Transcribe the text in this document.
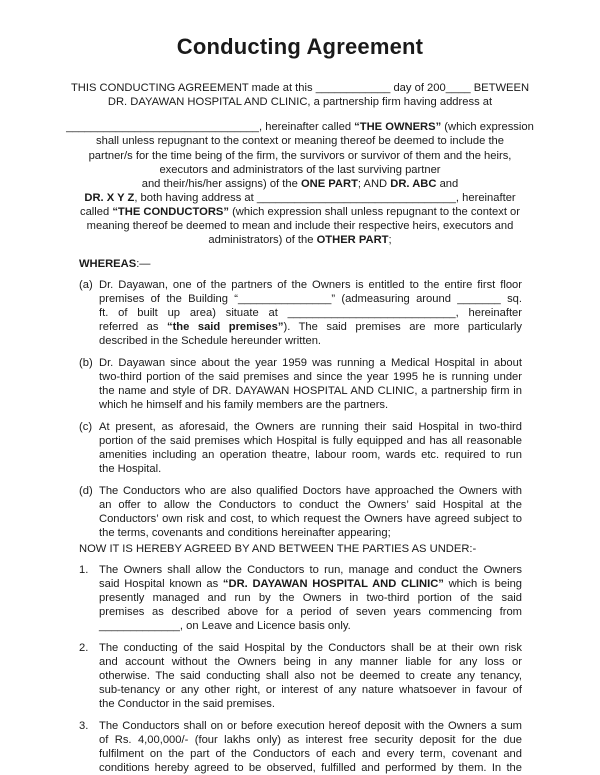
Conducting Agreement
THIS CONDUCTING AGREEMENT made at this ____________ day of 200____ BETWEEN
DR. DAYAWAN HOSPITAL AND CLINIC, a partnership firm having address at
_______________________________, hereinafter called “THE OWNERS” (which expression
shall unless repugnant to the context or meaning thereof be deemed to include the
partner/s for the time being of the firm, the survivors or survivor of them and the heirs,
executors and administrators of the last surviving partner
and their/his/her assigns) of the ONE PART; AND DR. ABC and
DR. X Y Z, both having address at ________________________________, hereinafter
called “THE CONDUCTORS” (which expression shall unless repugnant to the context or
meaning thereof be deemed to mean and include their respective heirs, executors and
administrators) of the OTHER PART;
WHEREAS:—
(a) Dr. Dayawan, one of the partners of the Owners is entitled to the entire first floor
premises of the Building “_______________” (admeasuring around _______ sq.
ft. of built up area) situate at ___________________________, hereinafter
referred as “the said premises”). The said premises are more particularly
described in the Schedule hereunder written.
(b) Dr. Dayawan since about the year 1959 was running a Medical Hospital in about
two-third portion of the said premises and since the year 1995 he is running under
the name and style of DR. DAYAWAN HOSPITAL AND CLINIC, a partnership firm in
which he himself and his family members are the partners.
(c) At present, as aforesaid, the Owners are running their said Hospital in two-third
portion of the said premises which Hospital is fully equipped and has all reasonable
amenities including an operation theatre, labour room, wards etc. required to run
the Hospital.
(d) The Conductors who are also qualified Doctors have approached the Owners with
an offer to allow the Conductors to conduct the Owners’ said Hospital at the
Conductors’ own risk and cost, to which request the Owners have agreed subject to
the terms, covenants and conditions hereinafter appearing;
NOW IT IS HEREBY AGREED BY AND BETWEEN THE PARTIES AS UNDER:-
1. The Owners shall allow the Conductors to run, manage and conduct the Owners
said Hospital known as “DR. DAYAWAN HOSPITAL AND CLINIC” which is being
presently managed and run by the Owners in two-third portion of the said
premises as described above for a period of seven years commencing from
_____________, on Leave and Licence basis only.
2. The conducting of the said Hospital by the Conductors shall be at their own risk
and account without the Owners being in any manner liable for any loss or
otherwise. The said conducting shall also not be deemed to create any tenancy,
sub-tenancy or any other right, or interest of any nature whatsoever in favour of
the Conductor in the said premises.
3. The Conductors shall on or before execution hereof deposit with the Owners a sum
of Rs. 4,00,000/- (four lakhs only) as interest free security deposit for the due
fulfilment on the part of the Conductors of each and every term, covenant and
conditions hereby agreed to be observed, fulfilled and performed by them. In the
